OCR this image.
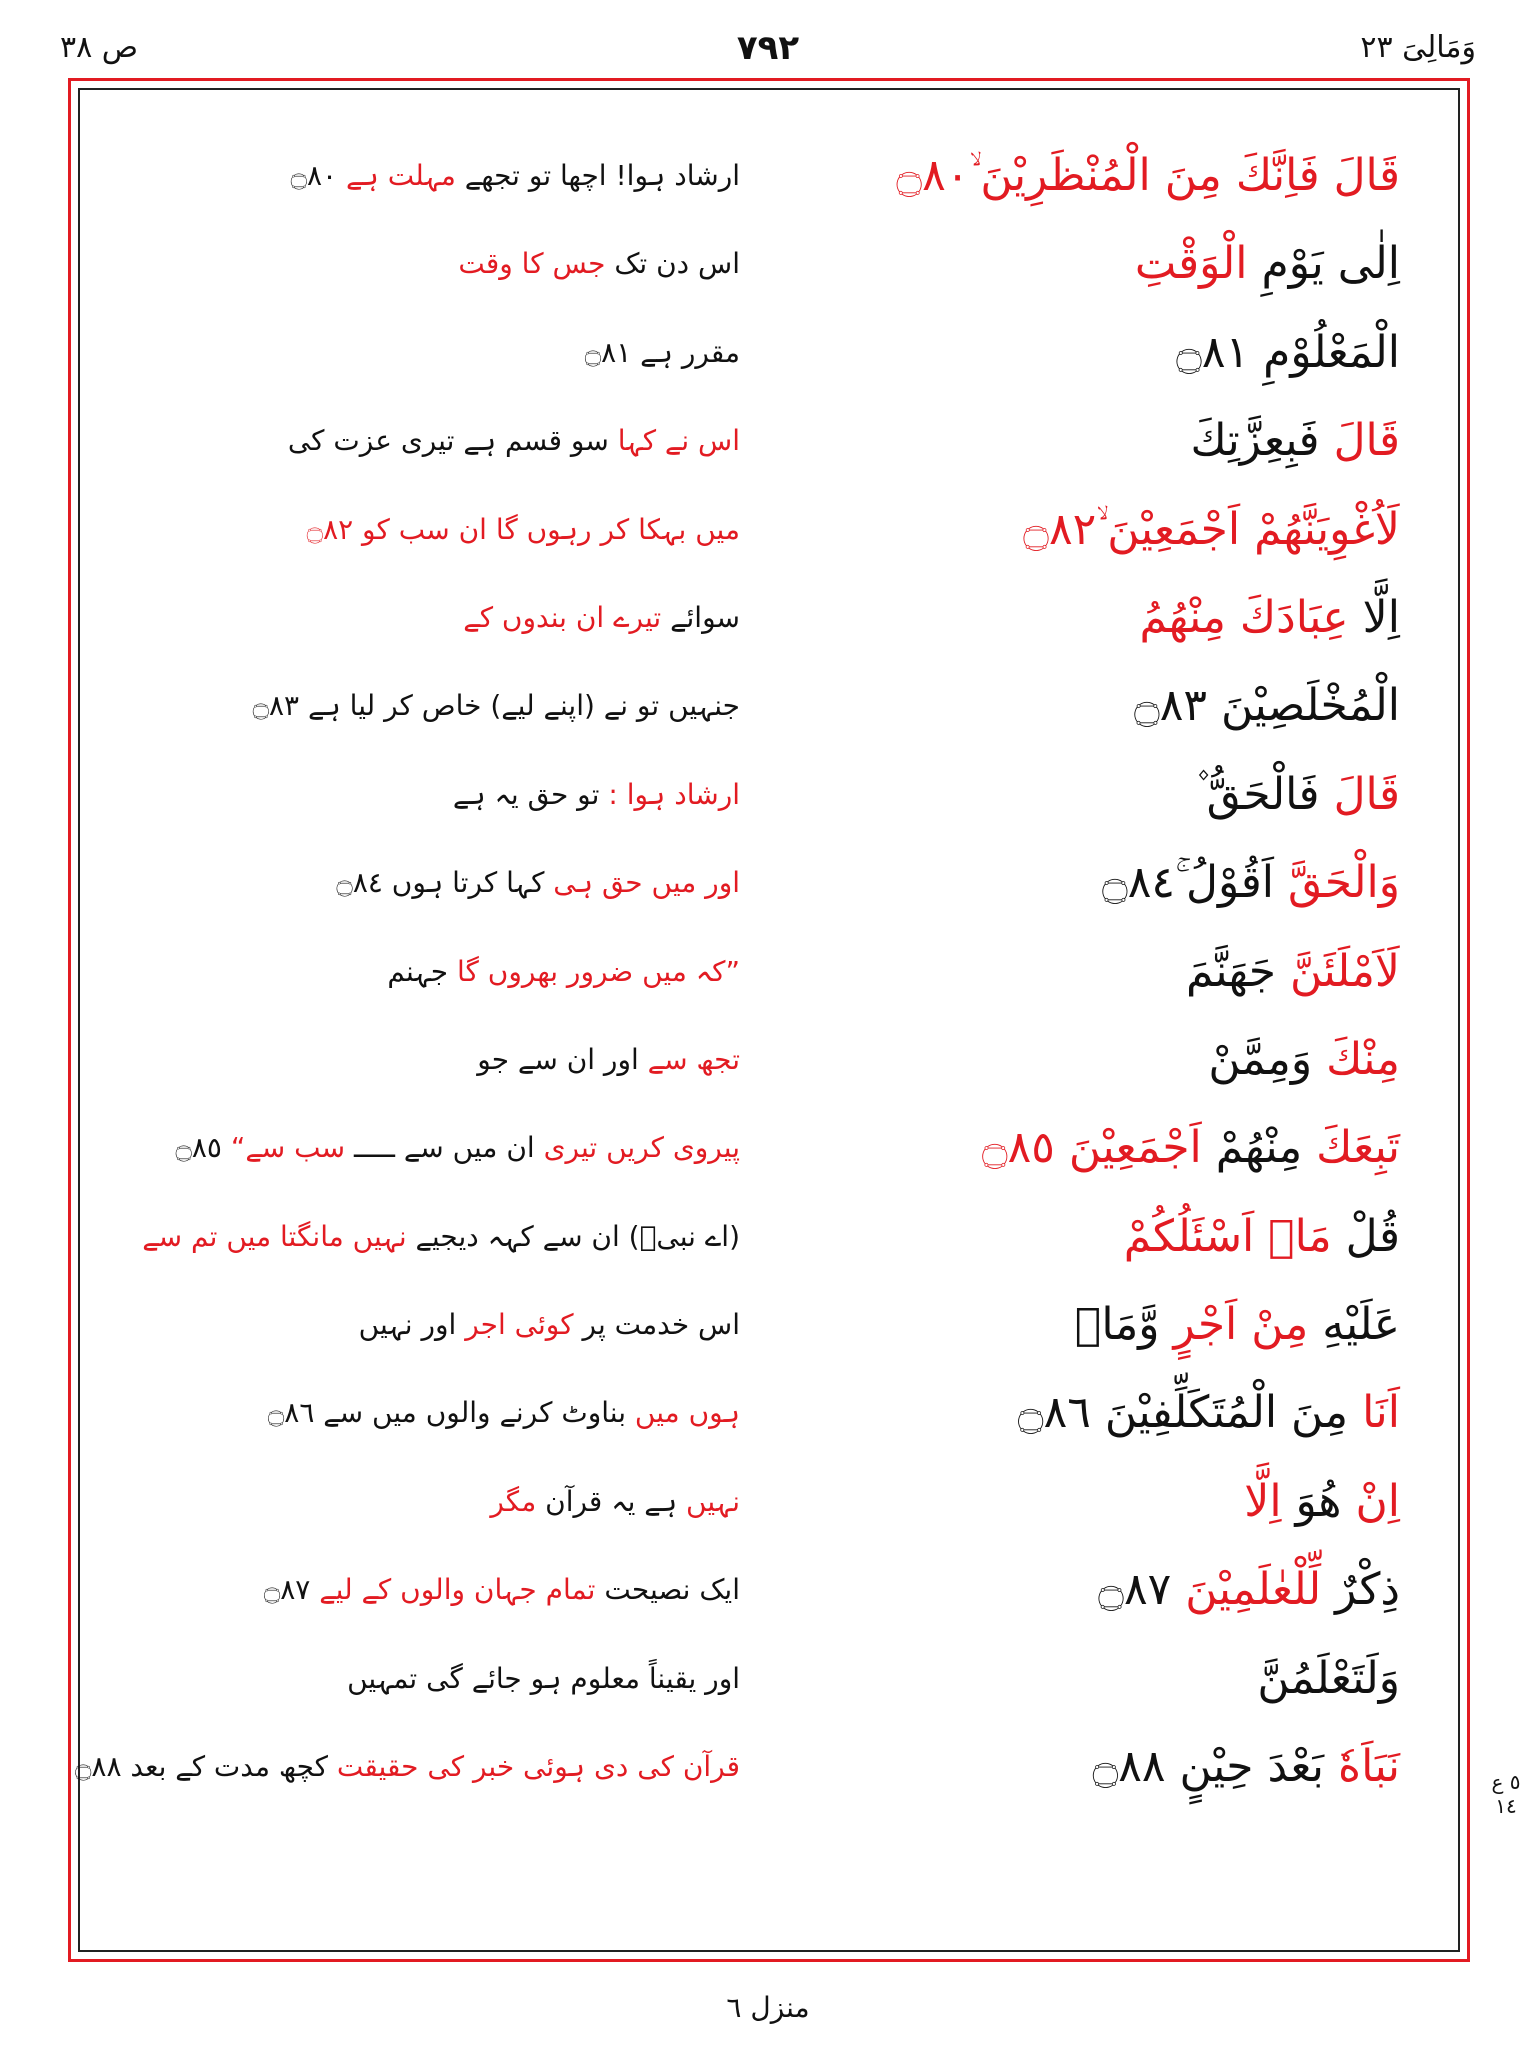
ص ٣٨	٧٩٢	وَمَالِیَ ٢٣
قَالَ فَاِنَّكَ مِنَ الْمُنْظَرِیْنَ ۙ۝٨٠
ارشاد ہوا! اچھا تو تجھے مہلت ہے ۝٨٠
اِلٰی یَوْمِ الْوَقْتِ
اس دن تک جس کا وقت
الْمَعْلُوْمِ ۝٨١
مقرر ہے ۝٨١
قَالَ فَبِعِزَّتِكَ
اس نے کہا سو قسم ہے تیری عزت کی
لَاُغْوِیَنَّهُمْ اَجْمَعِیْنَ ۙ۝٨٢
میں بہکا کر رہوں گا ان سب کو ۝٨٢
اِلَّا عِبَادَكَ مِنْهُمُ
سوائے تیرے ان بندوں کے
الْمُخْلَصِیْنَ ۝٨٣
جنہیں تو نے (اپنے لیے) خاص کر لیا ہے ۝٨٣
قَالَ فَالْحَقُّ ۫
ارشاد ہوا : تو حق یہ ہے
وَالْحَقَّ اَقُوْلُ ۚ۝٨٤
اور میں حق ہی کہا کرتا ہوں ۝٨٤
لَاَمْلَئَنَّ جَهَنَّمَ
”کہ میں ضرور بھروں گا جہنم
مِنْكَ وَمِمَّنْ
تجھ سے اور ان سے جو
تَبِعَكَ مِنْهُمْ اَجْمَعِیْنَ ۝٨٥
پیروی کریں تیری ان میں سے ـــــ سب سے“ ۝٨٥
قُلْ مَاۤ اَسْئَلُكُمْ
(اے نبیؐ) ان سے کہہ دیجیے نہیں مانگتا میں تم سے
عَلَیْهِ مِنْ اَجْرٍ وَّمَاۤ
اس خدمت پر کوئی اجر اور نہیں
اَنَا مِنَ الْمُتَكَلِّفِیْنَ ۝٨٦
ہوں میں بناوٹ کرنے والوں میں سے ۝٨٦
اِنْ هُوَ اِلَّا
نہیں ہے یہ قرآن مگر
ذِكْرٌ لِّلْعٰلَمِیْنَ ۝٨٧
ایک نصیحت تمام جہان والوں کے لیے ۝٨٧
وَلَتَعْلَمُنَّ
اور یقیناً معلوم ہو جائے گی تمہیں
نَبَاَهٗ بَعْدَ حِیْنٍ ۝٨٨
قرآن کی دی ہوئی خبر کی حقیقت کچھ مدت کے بعد ۝٨٨	٥ ع ١٤
منزل ٦
